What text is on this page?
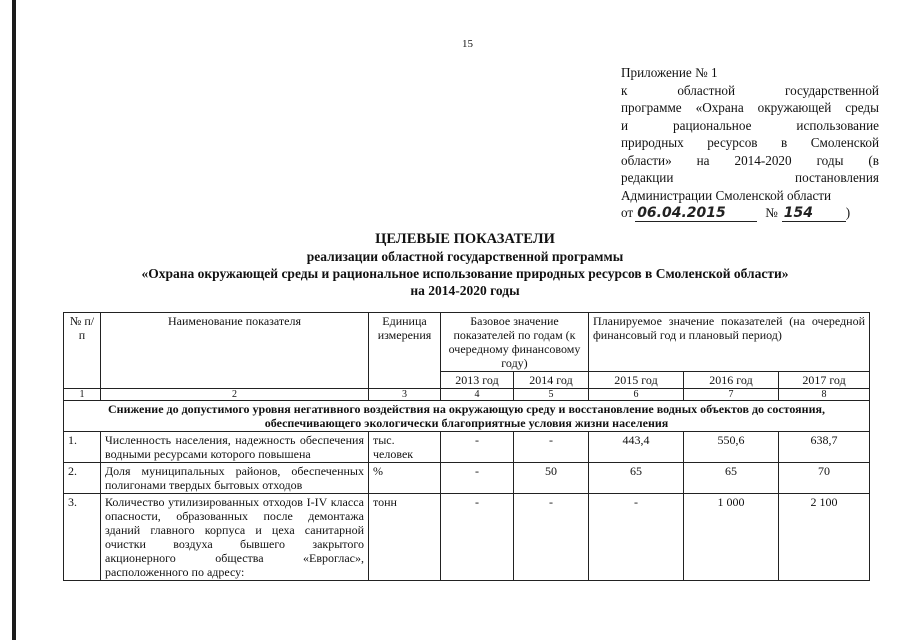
15
Приложение № 1
к областной государственной
программе «Охрана окружающей среды
и рациональное использование
природных ресурсов в Смоленской
области» на 2014-2020 годы (в
редакции постановления
Администрации Смоленской области
от 06.04.2015	№ 154	)
ЦЕЛЕВЫЕ ПОКАЗАТЕЛИ
реализации областной государственной программы
«Охрана окружающей среды и рациональное использование природных ресурсов в Смоленской области»
на 2014-2020 годы
№ п/п	Наименование показателя	Единица измерения	Базовое значение показателей по годам (к очередному финансовому году)		Планируемое значение показателей (на очередной финансовый год и плановый период)		
			2013 год	2014 год	2015 год	2016 год	2017 год
1	2	3	4	5	6	7	8
Снижение до допустимого уровня негативного воздействия на окружающую среду и восстановление водных объектов до состояния, обеспечивающего экологически благоприятные условия жизни населения							
1.	Численность населения, надежность обеспечения водными ресурсами которого повышена	тыс. человек	-	-	443,4	550,6	638,7
2.	Доля муниципальных районов, обеспеченных полигонами твердых бытовых отходов	%	-	50	65	65	70
3.	Количество утилизированных отходов I-IV класса опасности, образованных после демонтажа зданий главного корпуса и цеха санитарной очистки воздуха бывшего закрытого акционерного общества «Евроглас», расположенного по адресу:	тонн	-	-	-	1 000	2 100
